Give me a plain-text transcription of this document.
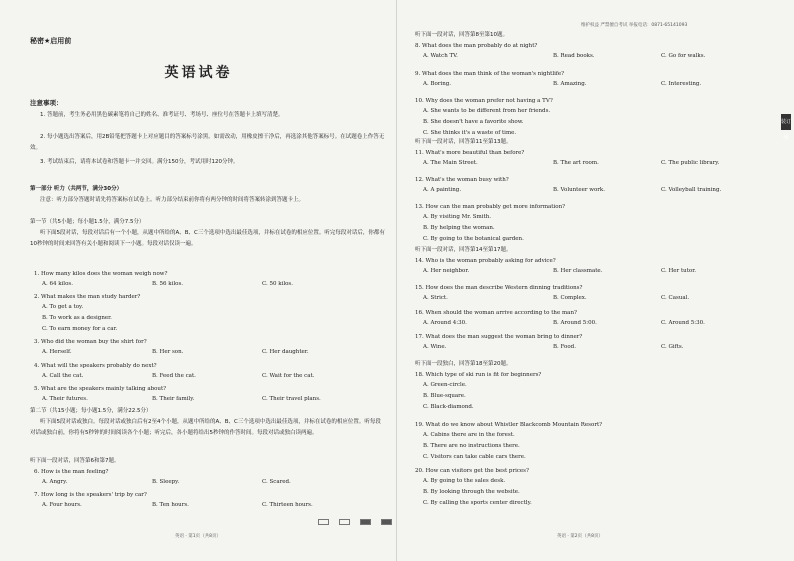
秘密★启用前
英语试卷
注意事项：
1. 答题前，考生务必用黑色碳素笔将自己的姓名、准考证号、考场号、座位号在答题卡上填写清楚。
2. 每小题选出答案后，用2B铅笔把答题卡上对应题目的答案标号涂黑。如需改动，用橡皮擦干净后，再选涂其他答案标号。在试题卷上作答无效。
3. 考试结束后，请将本试卷和答题卡一并交回。满分150分，考试用时120分钟。
第一部分 听力（共两节，满分30分）
注意：听力部分答题时请先将答案标在试卷上。听力部分结束前你将有两分钟的时间将答案转涂到答题卡上。
第一节（共5小题；每小题1.5分，满分7.5分）
听下面5段对话，每段对话后有一个小题，从题中所给的A、B、C三个选项中选出最佳选项，并标在试卷的相应位置。听完每段对话后，你都有10秒钟的时间来回答有关小题和阅读下一小题。每段对话仅读一遍。
1. How many kilos does the woman weigh now?
A. 64 kilos.	B. 56 kilos.	C. 50 kilos.
2. What makes the man study harder?
A. To get a toy.
B. To work as a designer.
C. To earn money for a car.
3. Who did the woman buy the shirt for?
A. Herself.	B. Her son.	C. Her daughter.
4. What will the speakers probably do next?
A. Call the cat.	B. Feed the cat.	C. Wait for the cat.
5. What are the speakers mainly talking about?
A. Their futures.	B. Their family.	C. Their travel plans.
第二节（共15小题；每小题1.5分，满分22.5分）
听下面5段对话或独白。每段对话或独白后有2至4个小题，从题中所给的A、B、C三个选项中选出最佳选项，并标在试卷的相应位置。听每段对话或独白前，你将有5秒钟的时间阅读各个小题；听完后，各小题将给出5秒钟的作答时间。每段对话或独白读两遍。
听下面一段对话，回答第6和第7题。
6. How is the man feeling?
A. Angry.	B. Sleepy.	C. Scared.
7. How long is the speakers' trip by car?
A. Four hours.	B. Ten hours.	C. Thirteen hours.
英语 · 第1页（共8页）
维护权益 严禁擅自考试 举报电话：0871-65141093
装订线
听下面一段对话，回答第8至第10题。
听下面一段对话，回答第11至第13题。
听下面一段对话，回答第14至第17题。
听下面一段独白，回答第18至第20题。
8. What does the man probably do at night?
A. Watch TV.	B. Read books.	C. Go for walks.
9. What does the man think of the woman's nightlife?
A. Boring.	B. Amazing.	C. Interesting.
10. Why does the woman prefer not having a TV?
A. She wants to be different from her friends.
B. She doesn't have a favorite show.
C. She thinks it's a waste of time.
11. What's more beautiful than before?
A. The Main Street.	B. The art room.	C. The public library.
12. What's the woman busy with?
A. A painting.	B. Volunteer work.	C. Volleyball training.
13. How can the man probably get more information?
A. By visiting Mr. Smith.
B. By helping the woman.
C. By going to the botanical garden.
14. Who is the woman probably asking for advice?
A. Her neighbor.	B. Her classmate.	C. Her tutor.
15. How does the man describe Western dinning traditions?
A. Strict.	B. Complex.	C. Casual.
16. When should the woman arrive according to the man?
A. Around 4:30.	B. Around 5:00.	C. Around 5:30.
17. What does the man suggest the woman bring to dinner?
A. Wine.	B. Food.	C. Gifts.
18. Which type of ski run is fit for beginners?
A. Green-circle.
B. Blue-square.
C. Black-diamond.
19. What do we know about Whistler Blackcomb Mountain Resort?
A. Cabins there are in the forest.
B. There are no instructions there.
C. Visitors can take cable cars there.
20. How can visitors get the best prices?
A. By going to the sales desk.
B. By looking through the website.
C. By calling the sports center directly.
英语 · 第2页（共8页）
